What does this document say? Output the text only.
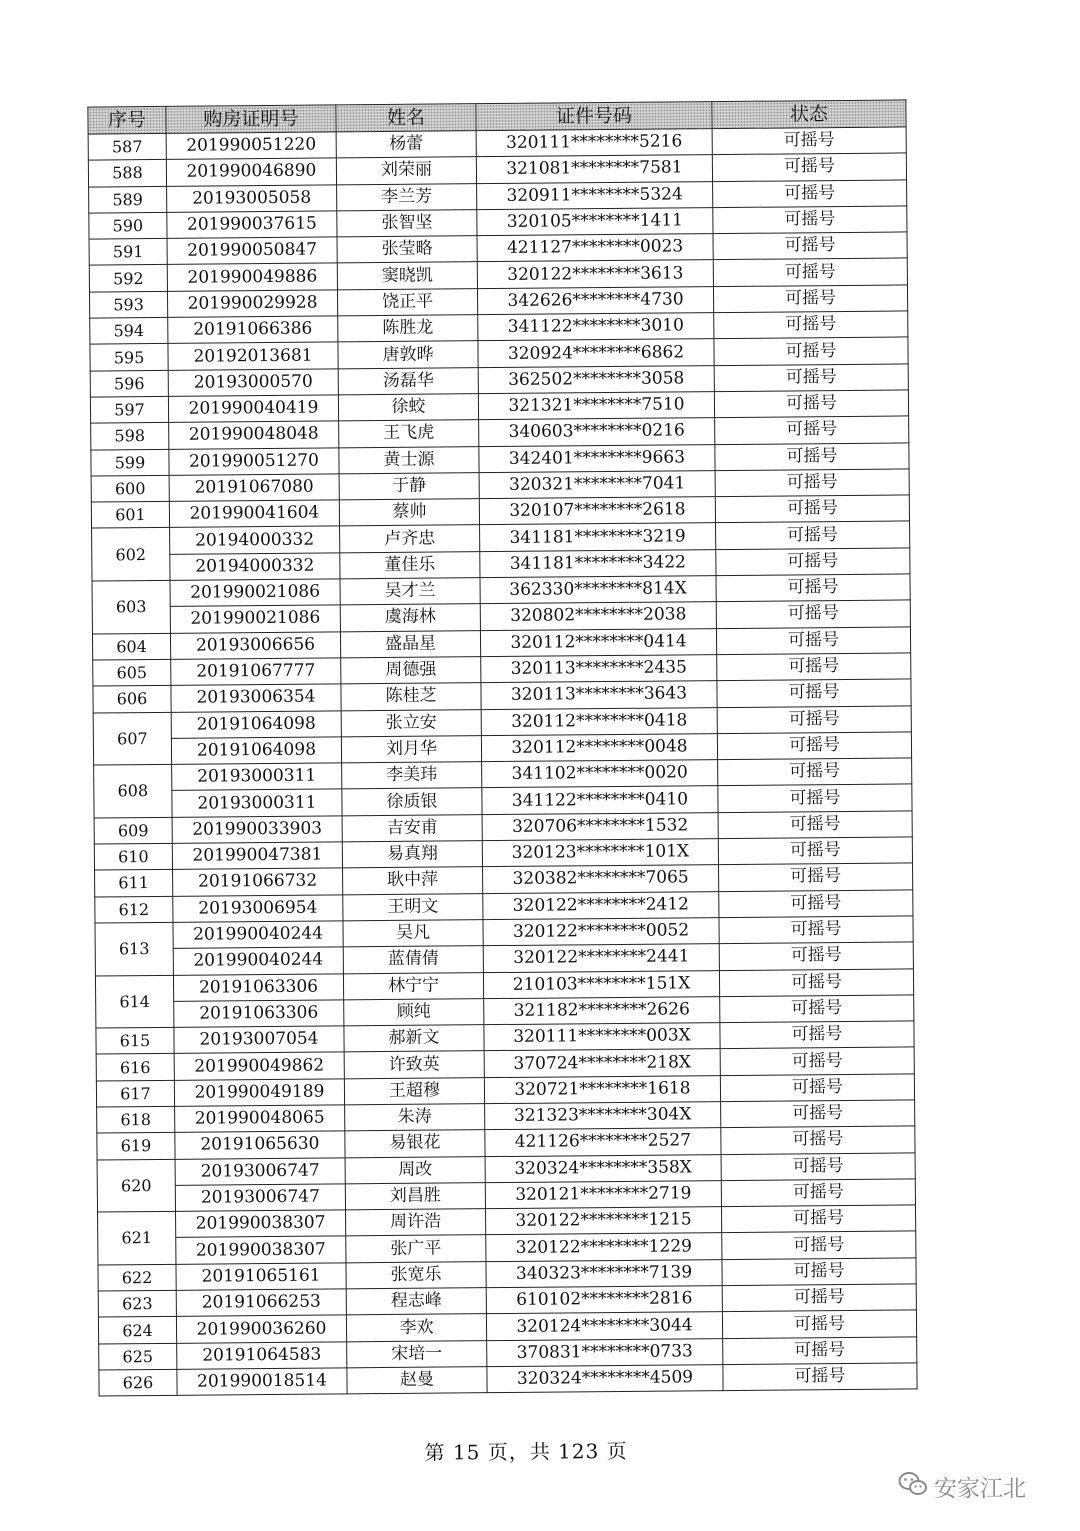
序号	购房证明号	姓名	证件号码	状态
587	201990051220	杨蕾	320111********5216	可摇号
588	201990046890	刘荣丽	321081********7581	可摇号
589	20193005058	李兰芳	320911********5324	可摇号
590	201990037615	张智坚	320105********1411	可摇号
591	201990050847	张莹略	421127********0023	可摇号
592	201990049886	窦晓凯	320122********3613	可摇号
593	201990029928	饶正平	342626********4730	可摇号
594	20191066386	陈胜龙	341122********3010	可摇号
595	20192013681	唐敦晔	320924********6862	可摇号
596	20193000570	汤磊华	362502********3058	可摇号
597	201990040419	徐蛟	321321********7510	可摇号
598	201990048048	王飞虎	340603********0216	可摇号
599	201990051270	黄士源	342401********9663	可摇号
600	20191067080	于静	320321********7041	可摇号
601	201990041604	蔡帅	320107********2618	可摇号
602	20194000332	卢齐忠	341181********3219	可摇号
	20194000332	董佳乐	341181********3422	可摇号
603	201990021086	吴才兰	362330********814X	可摇号
	201990021086	虞海林	320802********2038	可摇号
604	20193006656	盛晶星	320112********0414	可摇号
605	20191067777	周德强	320113********2435	可摇号
606	20193006354	陈桂芝	320113********3643	可摇号
607	20191064098	张立安	320112********0418	可摇号
	20191064098	刘月华	320112********0048	可摇号
608	20193000311	李美玮	341102********0020	可摇号
	20193000311	徐质银	341122********0410	可摇号
609	201990033903	吉安甫	320706********1532	可摇号
610	201990047381	易真翔	320123********101X	可摇号
611	20191066732	耿中萍	320382********7065	可摇号
612	20193006954	王明文	320122********2412	可摇号
613	201990040244	吴凡	320122********0052	可摇号
	201990040244	蓝倩倩	320122********2441	可摇号
614	20191063306	林宁宁	210103********151X	可摇号
	20191063306	顾纯	321182********2626	可摇号
615	20193007054	郝新文	320111********003X	可摇号
616	201990049862	许致英	370724********218X	可摇号
617	201990049189	王超穆	320721********1618	可摇号
618	201990048065	朱涛	321323********304X	可摇号
619	20191065630	易银花	421126********2527	可摇号
620	20193006747	周改	320324********358X	可摇号
	20193006747	刘昌胜	320121********2719	可摇号
621	201990038307	周许浩	320122********1215	可摇号
	201990038307	张广平	320122********1229	可摇号
622	20191065161	张宽乐	340323********7139	可摇号
623	20191066253	程志峰	610102********2816	可摇号
624	201990036260	李欢	320124********3044	可摇号
625	20191064583	宋培一	370831********0733	可摇号
626	201990018514	赵曼	320324********4509	可摇号
第 15 页，共 123 页
安家江北
